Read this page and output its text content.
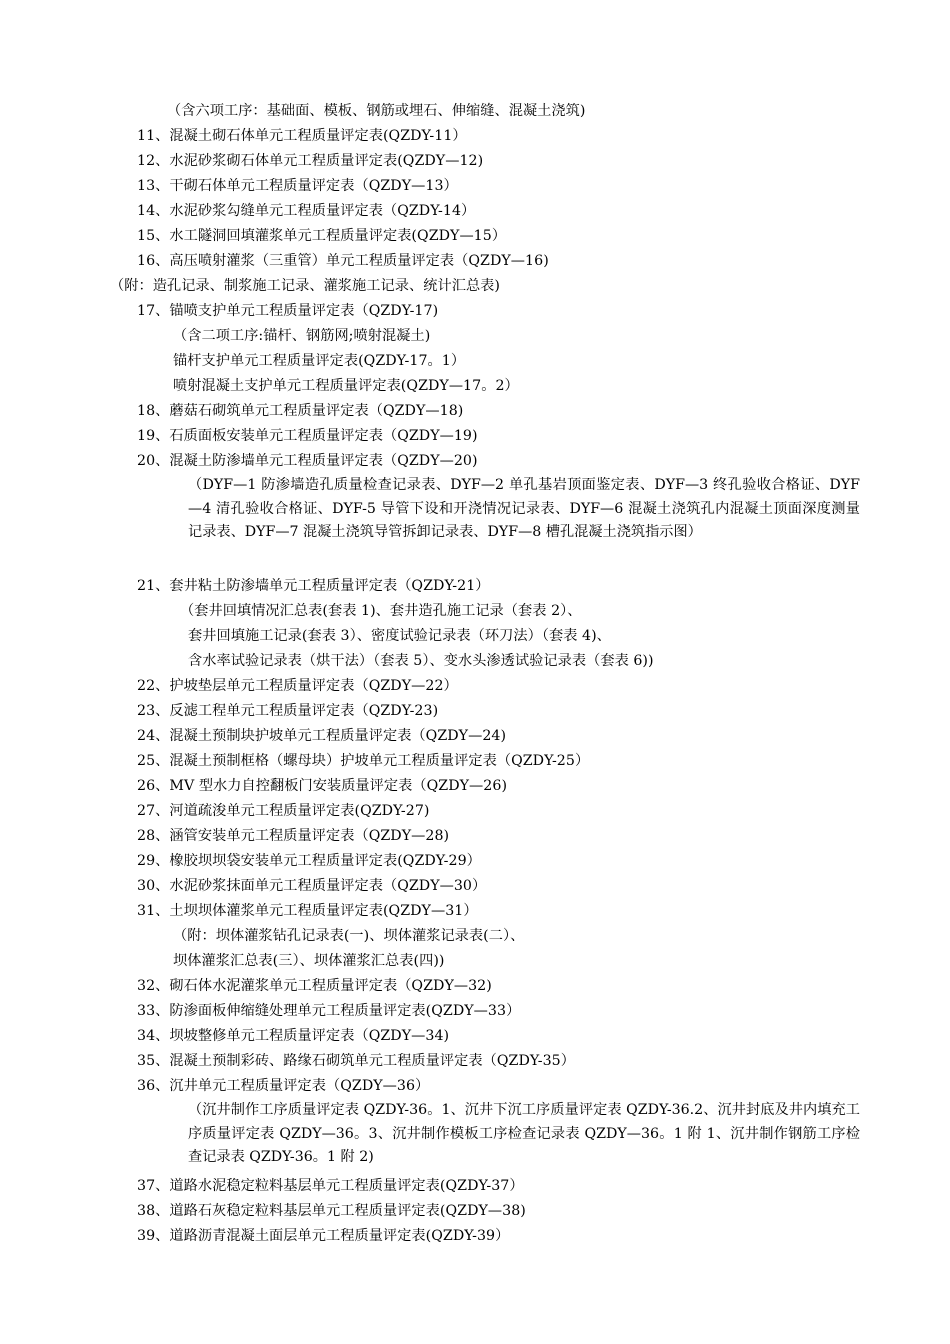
（含六项工序：基础面、模板、钢筋或埋石、伸缩缝、混凝土浇筑)
11、混凝土砌石体单元工程质量评定表(QZDY-11）
12、水泥砂浆砌石体单元工程质量评定表(QZDY—12)
13、干砌石体单元工程质量评定表（QZDY—13）
14、水泥砂浆勾缝单元工程质量评定表（QZDY-14）
15、水工隧洞回填灌浆单元工程质量评定表(QZDY—15）
16、高压喷射灌浆（三重管）单元工程质量评定表（QZDY—16)
（附：造孔记录、制浆施工记录、灌浆施工记录、统计汇总表)
17、锚喷支护单元工程质量评定表（QZDY-17)
（含二项工序:锚杆、钢筋网;喷射混凝土)
锚杆支护单元工程质量评定表(QZDY-17。1）
喷射混凝土支护单元工程质量评定表(QZDY—17。2）
18、蘑菇石砌筑单元工程质量评定表（QZDY—18)
19、石质面板安装单元工程质量评定表（QZDY—19)
20、混凝土防渗墙单元工程质量评定表（QZDY—20)
（DYF—1 防渗墙造孔质量检查记录表、DYF—2 单孔基岩顶面鉴定表、DYF—3 终孔验收合格证、DYF—4 清孔验收合格证、DYF-5 导管下设和开浇情况记录表、DYF—6 混凝土浇筑孔内混凝土顶面深度测量记录表、DYF—7 混凝土浇筑导管拆卸记录表、DYF—8 槽孔混凝土浇筑指示图）
21、套井粘土防渗墙单元工程质量评定表（QZDY-21）
（套井回填情况汇总表(套表 1)、套井造孔施工记录（套表 2）、
套井回填施工记录(套表 3）、密度试验记录表（环刀法）（套表 4)、
含水率试验记录表（烘干法）（套表 5）、变水头渗透试验记录表（套表 6))
22、护坡垫层单元工程质量评定表（QZDY—22）
23、反滤工程单元工程质量评定表（QZDY-23)
24、混凝土预制块护坡单元工程质量评定表（QZDY—24)
25、混凝土预制框格（螺母块）护坡单元工程质量评定表（QZDY-25）
26、MV 型水力自控翻板门安装质量评定表（QZDY—26)
27、河道疏浚单元工程质量评定表(QZDY-27)
28、涵管安装单元工程质量评定表（QZDY—28)
29、橡胶坝坝袋安装单元工程质量评定表(QZDY-29）
30、水泥砂浆抹面单元工程质量评定表（QZDY—30）
31、土坝坝体灌浆单元工程质量评定表(QZDY—31）
（附：坝体灌浆钻孔记录表(一)、坝体灌浆记录表(二）、
坝体灌浆汇总表(三）、坝体灌浆汇总表(四))
32、砌石体水泥灌浆单元工程质量评定表（QZDY—32)
33、防渗面板伸缩缝处理单元工程质量评定表(QZDY—33）
34、坝坡整修单元工程质量评定表（QZDY—34)
35、混凝土预制彩砖、路缘石砌筑单元工程质量评定表（QZDY-35）
36、沉井单元工程质量评定表（QZDY—36）
（沉井制作工序质量评定表 QZDY-36。1、沉井下沉工序质量评定表 QZDY-36.2、沉井封底及井内填充工序质量评定表 QZDY—36。3、沉井制作模板工序检查记录表 QZDY—36。1 附 1、沉井制作钢筋工序检查记录表 QZDY-36。1 附 2)
37、道路水泥稳定粒料基层单元工程质量评定表(QZDY-37）
38、道路石灰稳定粒料基层单元工程质量评定表(QZDY—38)
39、道路沥青混凝土面层单元工程质量评定表(QZDY-39）
